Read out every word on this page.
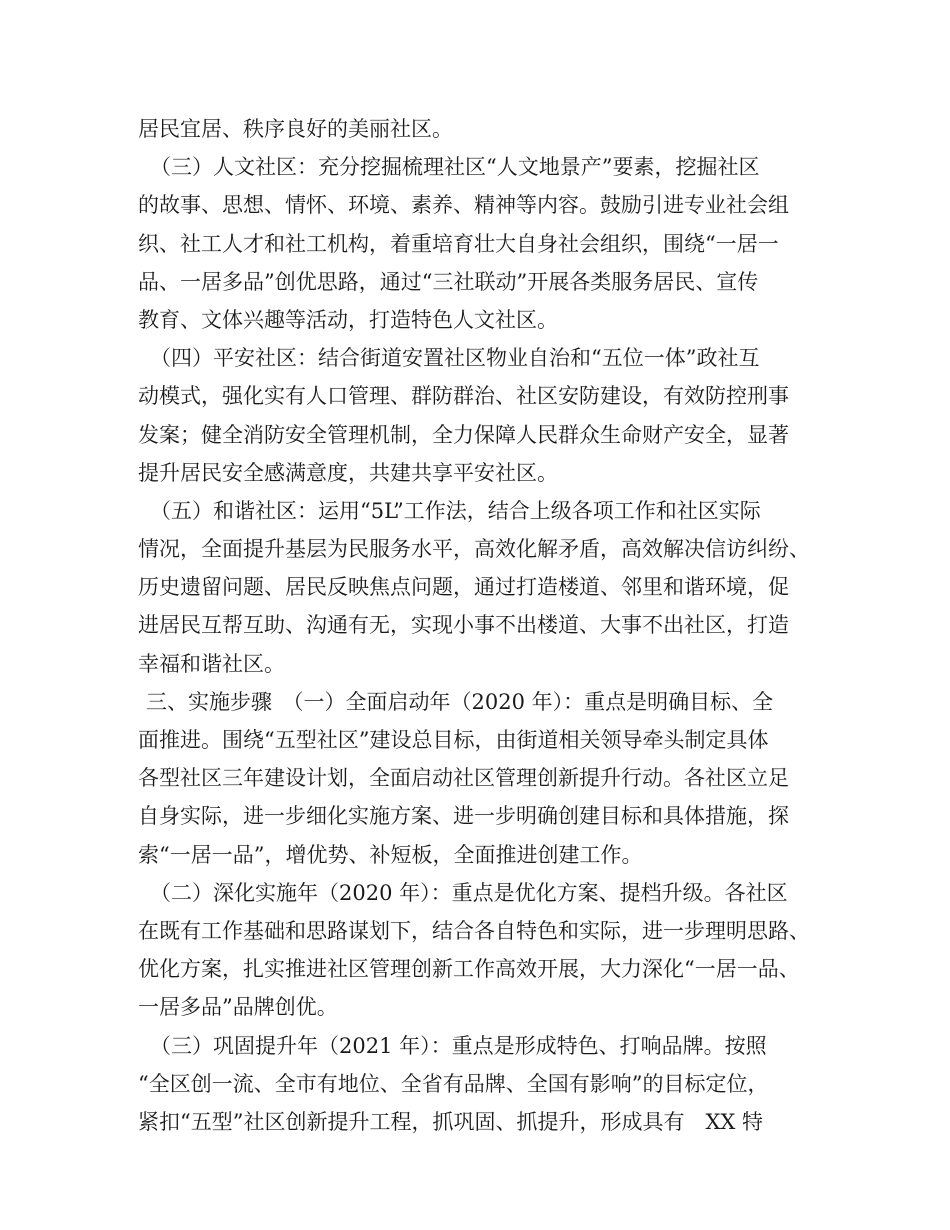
居民宜居、秩序良好的美丽社区。
（三）人文社区：充分挖掘梳理社区“人文地景产”要素，挖掘社区
的故事、思想、情怀、环境、素养、精神等内容。鼓励引进专业社会组
织、社工人才和社工机构，着重培育壮大自身社会组织，围绕“一居一
品、一居多品”创优思路，通过“三社联动”开展各类服务居民、宣传
教育、文体兴趣等活动，打造特色人文社区。
（四）平安社区：结合街道安置社区物业自治和“五位一体”政社互
动模式，强化实有人口管理、群防群治、社区安防建设，有效防控刑事
发案；健全消防安全管理机制，全力保障人民群众生命财产安全，显著
提升居民安全感满意度，共建共享平安社区。
（五）和谐社区：运用“5L”工作法，结合上级各项工作和社区实际
情况，全面提升基层为民服务水平，高效化解矛盾，高效解决信访纠纷、
历史遗留问题、居民反映焦点问题，通过打造楼道、邻里和谐环境，促
进居民互帮互助、沟通有无，实现小事不出楼道、大事不出社区，打造
幸福和谐社区。
三、实施步骤　（一）全面启动年（2020 年）：重点是明确目标、全
面推进。围绕“五型社区”建设总目标，由街道相关领导牵头制定具体
各型社区三年建设计划，全面启动社区管理创新提升行动。各社区立足
自身实际，进一步细化实施方案、进一步明确创建目标和具体措施，探
索“一居一品”，增优势、补短板，全面推进创建工作。
（二）深化实施年（2020 年）：重点是优化方案、提档升级。各社区
在既有工作基础和思路谋划下，结合各自特色和实际，进一步理明思路、
优化方案，扎实推进社区管理创新工作高效开展，大力深化“一居一品、
一居多品”品牌创优。
（三）巩固提升年（2021 年）：重点是形成特色、打响品牌。按照
“全区创一流、全市有地位、全省有品牌、全国有影响”的目标定位，
紧扣“五型”社区创新提升工程，抓巩固、抓提升，形成具有　XX 特
